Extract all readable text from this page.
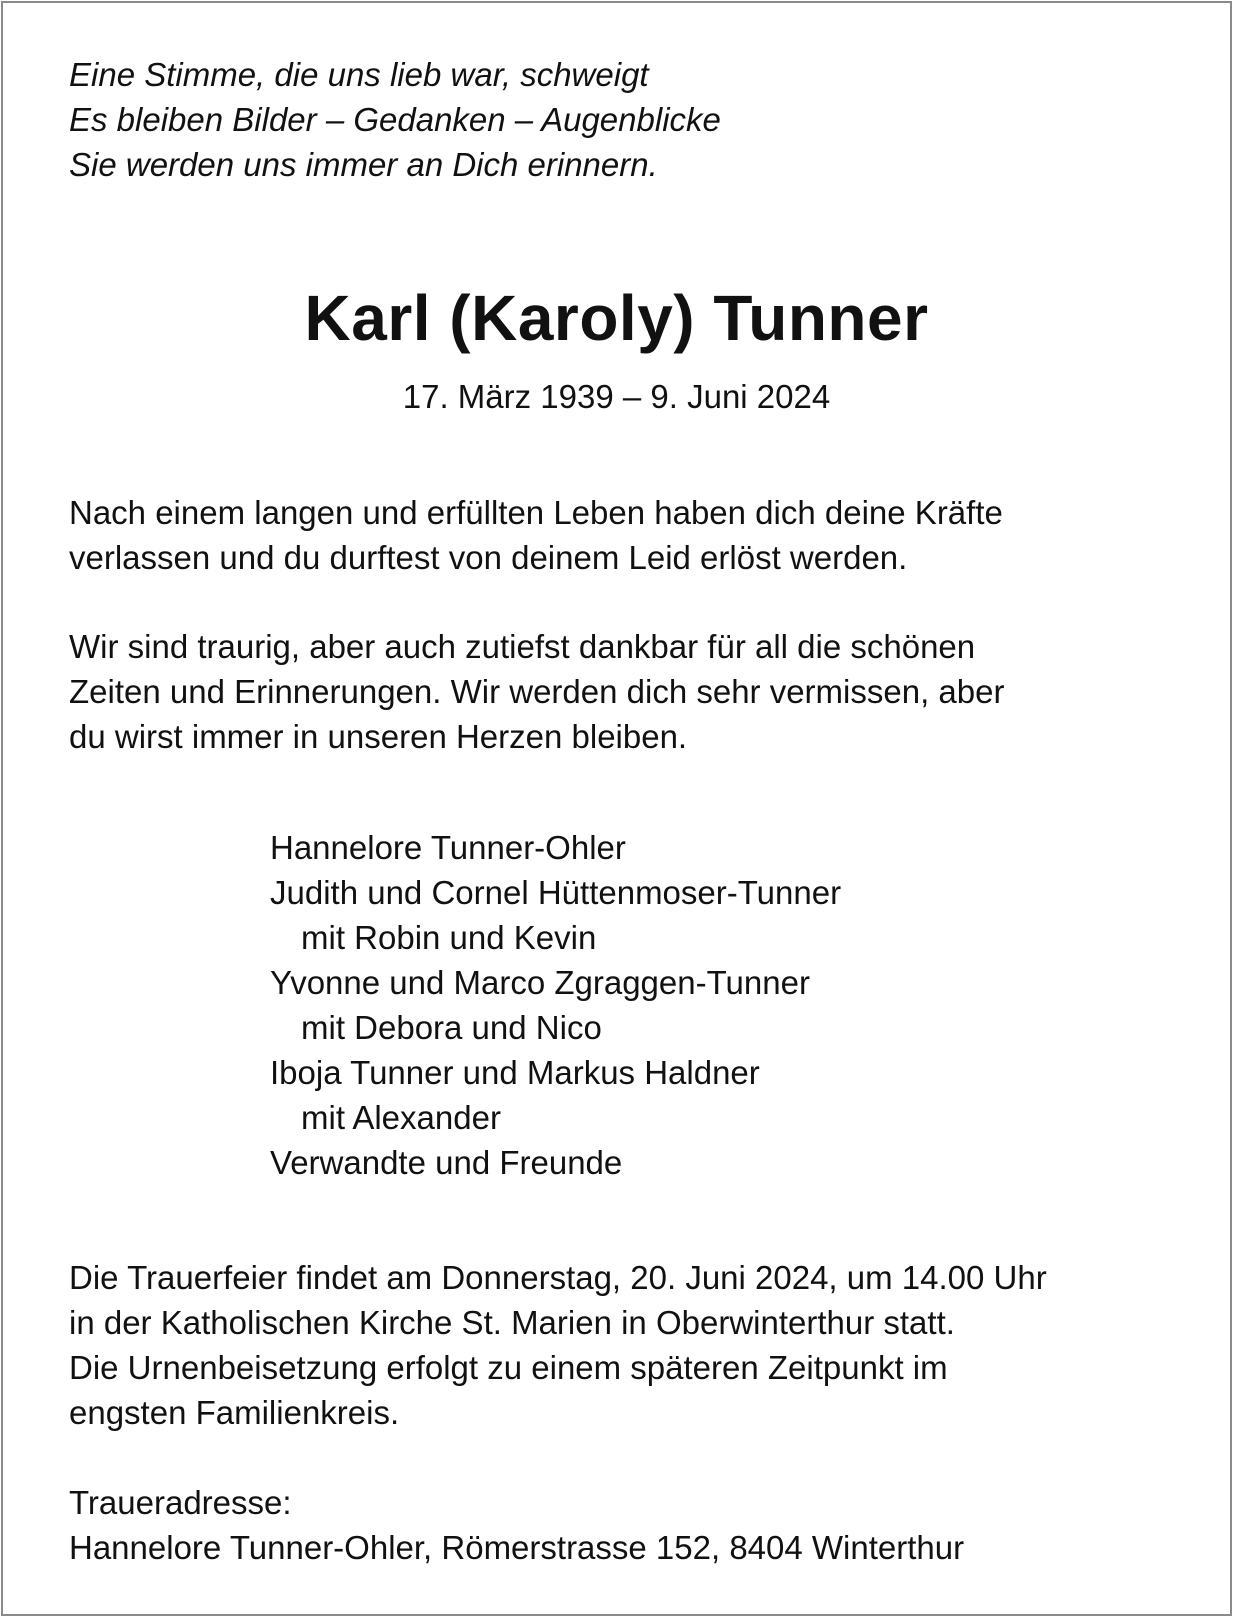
Eine Stimme, die uns lieb war, schweigt
Es bleiben Bilder – Gedanken – Augenblicke
Sie werden uns immer an Dich erinnern.
Karl (Karoly) Tunner

17. März 1939 – 9. Juni 2024

Nach einem langen und erfüllten Leben haben dich deine Kräfte
verlassen und du durftest von deinem Leid erlöst werden.
Wir sind traurig, aber auch zutiefst dankbar für all die schönen
Zeiten und Erinnerungen. Wir werden dich sehr vermissen, aber
du wirst immer in unseren Herzen bleiben.
Hannelore Tunner-Ohler
Judith und Cornel Hüttenmoser-Tunner
mit Robin und Kevin
Yvonne und Marco Zgraggen-Tunner
mit Debora und Nico
Iboja Tunner und Markus Haldner
mit Alexander
Verwandte und Freunde
Die Trauerfeier findet am Donnerstag, 20. Juni 2024, um 14.00 Uhr
in der Katholischen Kirche St. Marien in Oberwinterthur statt.
Die Urnenbeisetzung erfolgt zu einem späteren Zeitpunkt im
engsten Familienkreis.
Traueradresse:
Hannelore Tunner-Ohler, Römerstrasse 152, 8404 Winterthur
